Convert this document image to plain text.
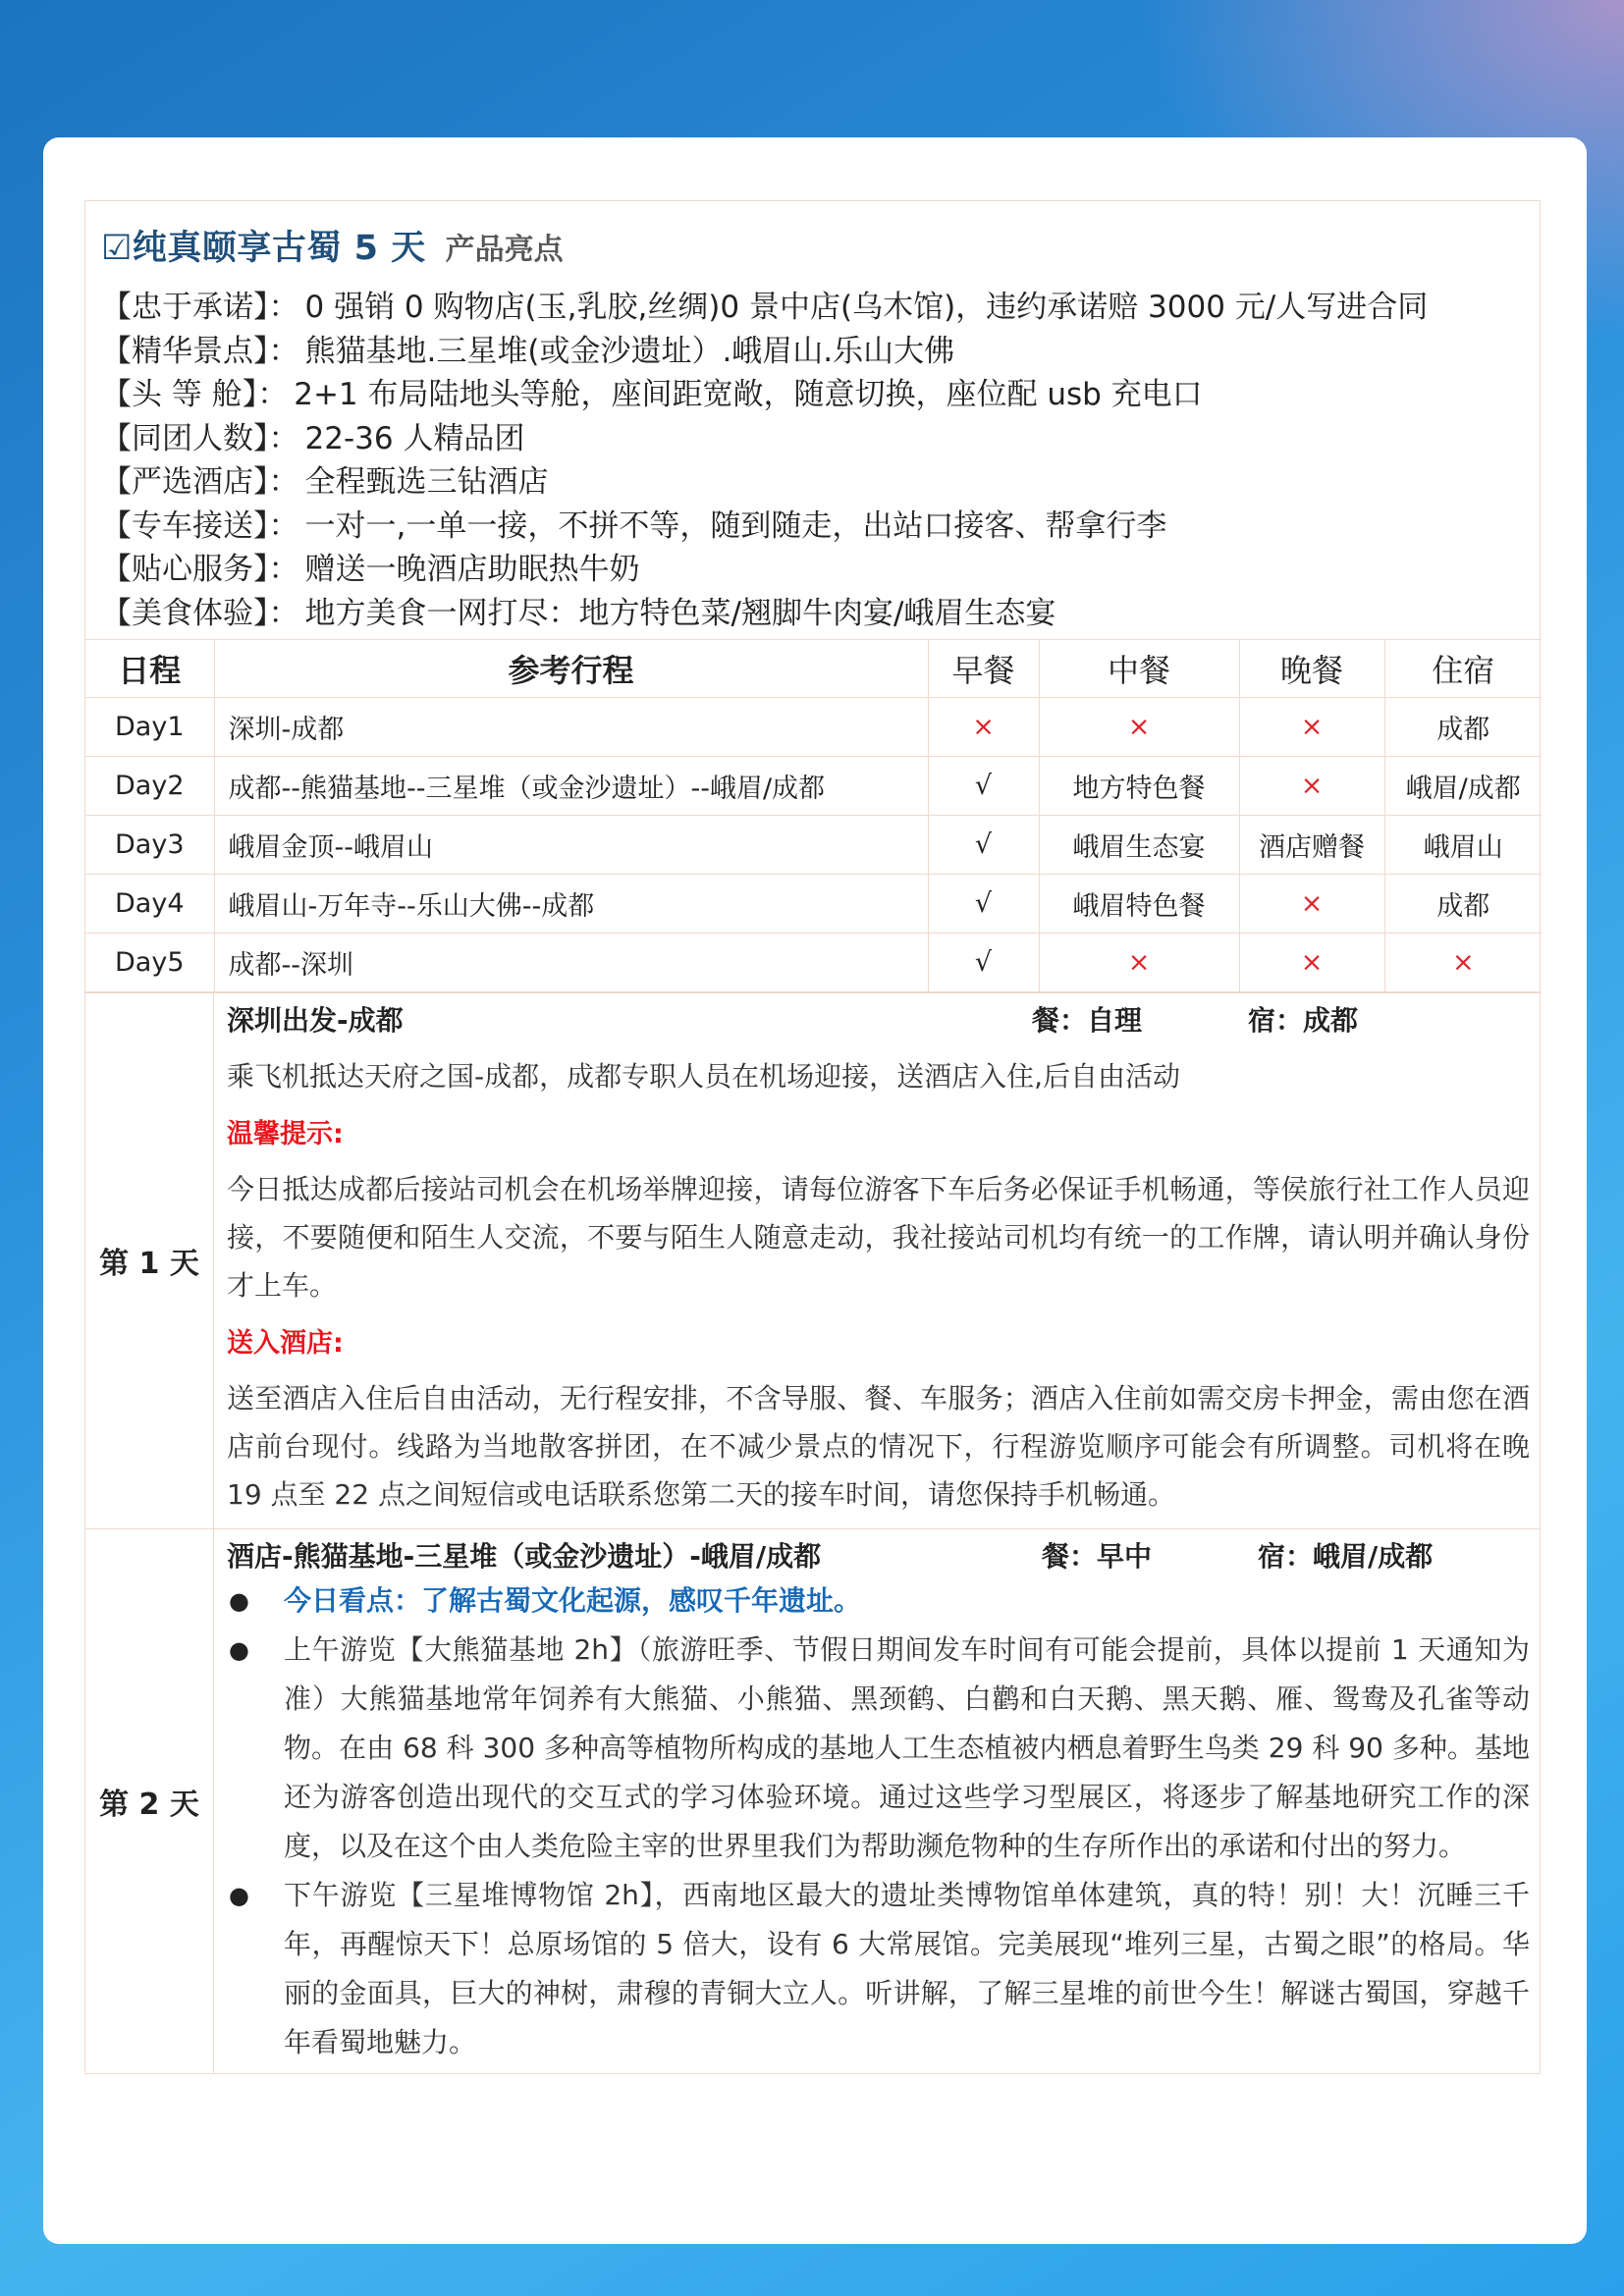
☑纯真颐享古蜀 5 天 产品亮点
【忠于承诺】： 0 强销 0 购物店(玉,乳胶,丝绸)0 景中店(乌木馆)，违约承诺赔 3000 元/人写进合同
【精华景点】： 熊猫基地.三星堆(或金沙遗址）.峨眉山.乐山大佛
【头 等 舱】： 2+1 布局陆地头等舱，座间距宽敞，随意切换，座位配 usb 充电口
【同团人数】： 22-36 人精品团
【严选酒店】： 全程甄选三钻酒店
【专车接送】： 一对一,一单一接，不拼不等，随到随走，出站口接客、帮拿行李
【贴心服务】： 赠送一晚酒店助眠热牛奶
【美食体验】： 地方美食一网打尽：地方特色菜/翘脚牛肉宴/峨眉生态宴
日程	参考行程	早餐	中餐	晚餐	住宿
Day1	深圳-成都	×	×	×	成都
Day2	成都--熊猫基地--三星堆（或金沙遗址）--峨眉/成都	√	地方特色餐	×	峨眉/成都
Day3	峨眉金顶--峨眉山	√	峨眉生态宴	酒店赠餐	峨眉山
Day4	峨眉山-万年寺--乐山大佛--成都	√	峨眉特色餐	×	成都
Day5	成都--深圳	√	×	×	×
第 1 天
深圳出发-成都	餐：自理	宿：成都
乘飞机抵达天府之国-成都，成都专职人员在机场迎接，送酒店入住,后自由活动
温馨提示:
今日抵达成都后接站司机会在机场举牌迎接，请每位游客下车后务必保证手机畅通，等侯旅行社工作人员迎接，不要随便和陌生人交流，不要与陌生人随意走动，我社接站司机均有统一的工作牌，请认明并确认身份才上车。
送入酒店:
送至酒店入住后自由活动，无行程安排，不含导服、餐、车服务；酒店入住前如需交房卡押金，需由您在酒店前台现付。线路为当地散客拼团，在不减少景点的情况下，行程游览顺序可能会有所调整。司机将在晚 19 点至 22 点之间短信或电话联系您第二天的接车时间，请您保持手机畅通。
第 2 天
酒店-熊猫基地-三星堆（或金沙遗址）-峨眉/成都	餐：早中	宿：峨眉/成都
●	今日看点：了解古蜀文化起源，感叹千年遗址。
●	上午游览【大熊猫基地 2h】（旅游旺季、节假日期间发车时间有可能会提前，具体以提前 1 天通知为准）大熊猫基地常年饲养有大熊猫、小熊猫、黑颈鹤、白鹳和白天鹅、黑天鹅、雁、鸳鸯及孔雀等动物。在由 68 科 300 多种高等植物所构成的基地人工生态植被内栖息着野生鸟类 29 科 90 多种。基地还为游客创造出现代的交互式的学习体验环境。通过这些学习型展区，将逐步了解基地研究工作的深度，以及在这个由人类危险主宰的世界里我们为帮助濒危物种的生存所作出的承诺和付出的努力。
●	下午游览【三星堆博物馆 2h】，西南地区最大的遗址类博物馆单体建筑，真的特！别！大！沉睡三千年，再醒惊天下！总原场馆的 5 倍大，设有 6 大常展馆。完美展现“堆列三星，古蜀之眼”的格局。华丽的金面具，巨大的神树，肃穆的青铜大立人。听讲解，了解三星堆的前世今生！解谜古蜀国，穿越千年看蜀地魅力。
